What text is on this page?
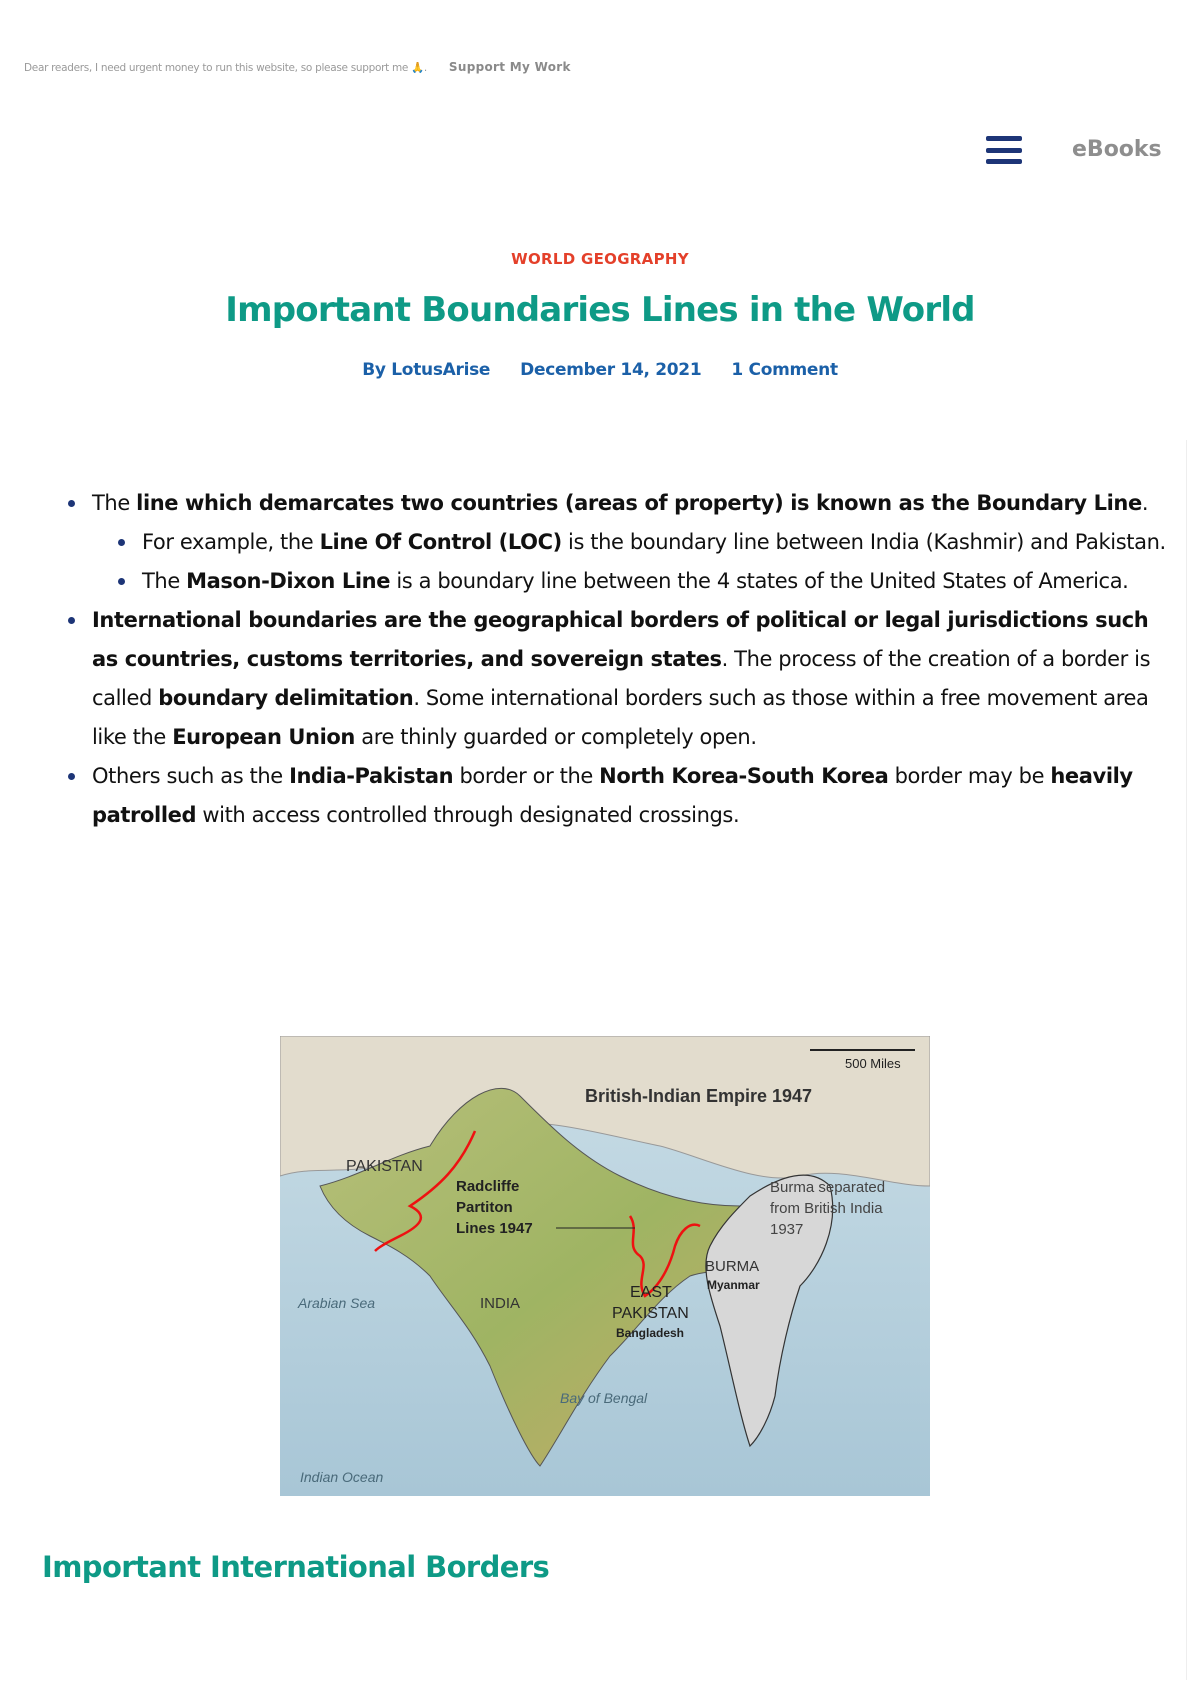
Dear readers, I need urgent money to run this website, so please support me 🙏. Support My Work
eBooks
WORLD GEOGRAPHY
Important Boundaries Lines in the World
By LotusArise December 14, 2021 1 Comment
The line which demarcates two countries (areas of property) is known as the Boundary Line.
For example, the Line Of Control (LOC) is the boundary line between India (Kashmir) and Pakistan.
The Mason-Dixon Line is a boundary line between the 4 states of the United States of America.
International boundaries are the geographical borders of political or legal jurisdictions such as countries, customs territories, and sovereign states. The process of the creation of a border is called boundary delimitation. Some international borders such as those within a free movement area like the European Union are thinly guarded or completely open.
Others such as the India-Pakistan border or the North Korea-South Korea border may be heavily patrolled with access controlled through designated crossings.
500 Miles
British-Indian Empire 1947
PAKISTAN
Radcliffe
Partiton
Lines 1947
Burma separated
from British India
1937
BURMA
Myanmar
Arabian Sea	INDIA
EAST
PAKISTAN
Bangladesh
Bay of Bengal
Indian Ocean
Important International Borders
